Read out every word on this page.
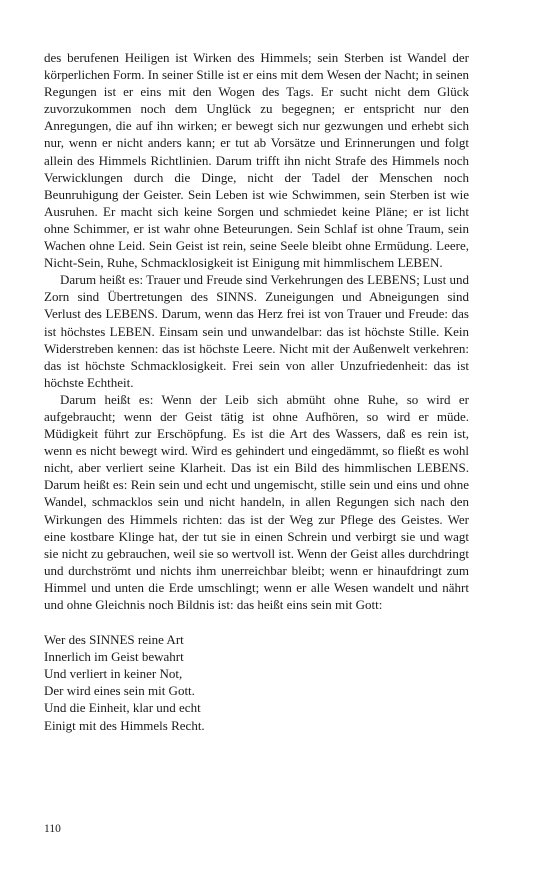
des berufenen Heiligen ist Wirken des Himmels; sein Sterben ist Wandel der körperlichen Form. In seiner Stille ist er eins mit dem Wesen der Nacht; in seinen Regungen ist er eins mit den Wogen des Tags. Er sucht nicht dem Glück zuvorzukommen noch dem Unglück zu begegnen; er entspricht nur den Anregungen, die auf ihn wirken; er bewegt sich nur gezwungen und erhebt sich nur, wenn er nicht anders kann; er tut ab Vorsätze und Erinnerungen und folgt allein des Himmels Richtlinien. Darum trifft ihn nicht Strafe des Himmels noch Verwicklungen durch die Dinge, nicht der Tadel der Menschen noch Beunruhigung der Geister. Sein Leben ist wie Schwimmen, sein Sterben ist wie Ausruhen. Er macht sich keine Sorgen und schmiedet keine Pläne; er ist licht ohne Schimmer, er ist wahr ohne Beteurungen. Sein Schlaf ist ohne Traum, sein Wachen ohne Leid. Sein Geist ist rein, seine Seele bleibt ohne Ermüdung. Leere, Nicht-Sein, Ruhe, Schmacklosigkeit ist Einigung mit himmlischem LEBEN.

Darum heißt es: Trauer und Freude sind Verkehrungen des LEBENS; Lust und Zorn sind Übertretungen des SINNS. Zuneigungen und Abneigungen sind Verlust des LEBENS. Darum, wenn das Herz frei ist von Trauer und Freude: das ist höchstes LEBEN. Einsam sein und unwandelbar: das ist höchste Stille. Kein Widerstreben kennen: das ist höchste Leere. Nicht mit der Außenwelt verkehren: das ist höchste Schmacklosigkeit. Frei sein von aller Unzufriedenheit: das ist höchste Echtheit.

Darum heißt es: Wenn der Leib sich abmüht ohne Ruhe, so wird er aufgebraucht; wenn der Geist tätig ist ohne Aufhören, so wird er müde. Müdigkeit führt zur Erschöpfung. Es ist die Art des Wassers, daß es rein ist, wenn es nicht bewegt wird. Wird es gehindert und eingedämmt, so fließt es wohl nicht, aber verliert seine Klarheit. Das ist ein Bild des himmlischen LEBENS. Darum heißt es: Rein sein und echt und ungemischt, stille sein und eins und ohne Wandel, schmacklos sein und nicht handeln, in allen Regungen sich nach den Wirkungen des Himmels richten: das ist der Weg zur Pflege des Geistes. Wer eine kostbare Klinge hat, der tut sie in einen Schrein und verbirgt sie und wagt sie nicht zu gebrauchen, weil sie so wertvoll ist. Wenn der Geist alles durchdringt und durchströmt und nichts ihm unerreichbar bleibt; wenn er hinaufdringt zum Himmel und unten die Erde umschlingt; wenn er alle Wesen wandelt und nährt und ohne Gleichnis noch Bildnis ist: das heißt eins sein mit Gott:

Wer des SINNES reine Art
Innerlich im Geist bewahrt
Und verliert in keiner Not,
Der wird eines sein mit Gott.
Und die Einheit, klar und echt
Einigt mit des Himmels Recht.
110
